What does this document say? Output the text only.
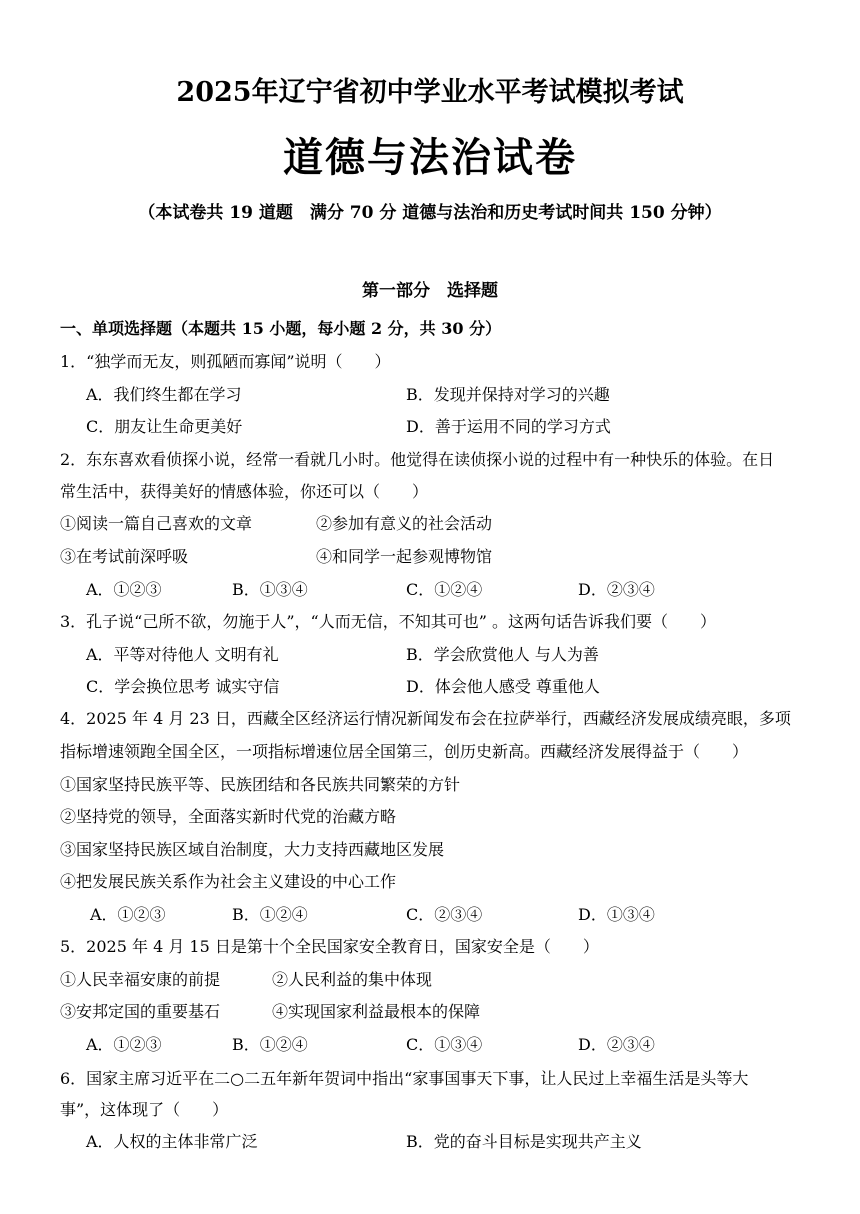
2025年辽宁省初中学业水平考试模拟考试
道德与法治试卷
（本试卷共 19 道题　满分 70 分 道德与法治和历史考试时间共 150 分钟）
第一部分　选择题
一、单项选择题（本题共 15 小题，每小题 2 分，共 30 分）
1．“独学而无友，则孤陋而寡闻”说明（　　）
A．我们终生都在学习	B．发现并保持对学习的兴趣
C．朋友让生命更美好	D．善于运用不同的学习方式
2．东东喜欢看侦探小说，经常一看就几小时。他觉得在读侦探小说的过程中有一种快乐的体验。在日
常生活中，获得美好的情感体验，你还可以（　　）
①阅读一篇自己喜欢的文章	②参加有意义的社会活动
③在考试前深呼吸	④和同学一起参观博物馆
A．①②③	B．①③④	C．①②④	D．②③④
3．孔子说“己所不欲，勿施于人”，“人而无信，不知其可也” 。这两句话告诉我们要（　　）
A．平等对待他人 文明有礼	B．学会欣赏他人 与人为善
C．学会换位思考 诚实守信	D．体会他人感受 尊重他人
4．2025 年 4 月 23 日，西藏全区经济运行情况新闻发布会在拉萨举行，西藏经济发展成绩亮眼，多项
指标增速领跑全国全区，一项指标增速位居全国第三，创历史新高。西藏经济发展得益于（　　）
①国家坚持民族平等、民族团结和各民族共同繁荣的方针
②坚持党的领导，全面落实新时代党的治藏方略
③国家坚持民族区域自治制度，大力支持西藏地区发展
④把发展民族关系作为社会主义建设的中心工作
A．①②③	B．①②④	C．②③④	D．①③④
5．2025 年 4 月 15 日是第十个全民国家安全教育日，国家安全是（　　）
①人民幸福安康的前提	②人民利益的集中体现
③安邦定国的重要基石	④实现国家利益最根本的保障
A．①②③	B．①②④	C．①③④	D．②③④
6．国家主席习近平在二○二五年新年贺词中指出“家事国事天下事，让人民过上幸福生活是头等大
事”，这体现了（　　）
A．人权的主体非常广泛	B．党的奋斗目标是实现共产主义
